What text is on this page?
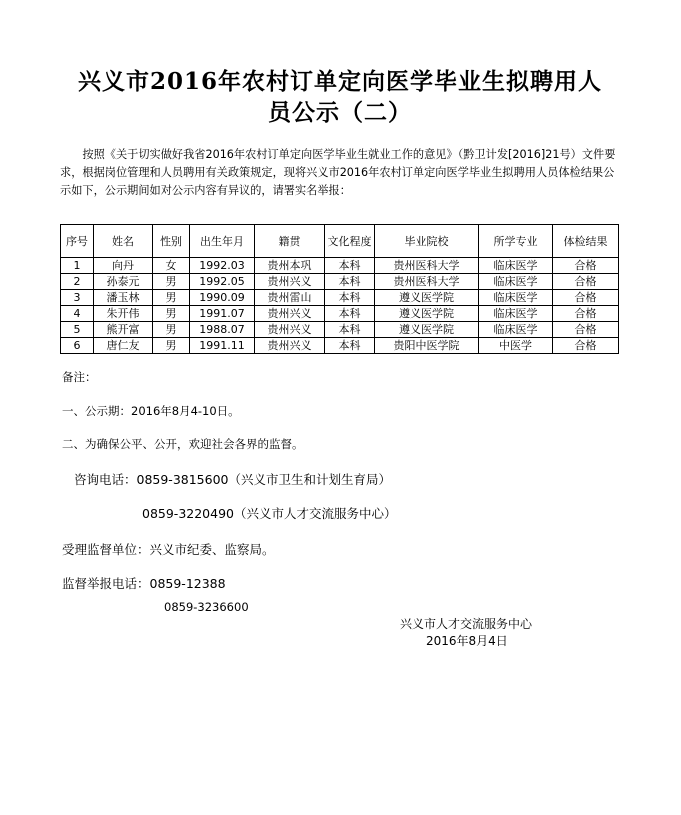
兴义市2016年农村订单定向医学毕业生拟聘用人
员公示（二）

按照《关于切实做好我省2016年农村订单定向医学毕业生就业工作的意见》（黔卫计发[2016]21号）文件要求，根据岗位管理和人员聘用有关政策规定，现将兴义市2016年农村订单定向医学毕业生拟聘用人员体检结果公示如下，公示期间如对公示内容有异议的，请署实名举报：

序号	姓名	性别	出生年月	籍贯	文化程度	毕业院校	所学专业	体检结果
1	向丹	女	1992.03	贵州本巩	本科	贵州医科大学	临床医学	合格
2	孙泰元	男	1992.05	贵州兴义	本科	贵州医科大学	临床医学	合格
3	潘玉林	男	1990.09	贵州雷山	本科	遵义医学院	临床医学	合格
4	朱开伟	男	1991.07	贵州兴义	本科	遵义医学院	临床医学	合格
5	熊开富	男	1988.07	贵州兴义	本科	遵义医学院	临床医学	合格
6	唐仁友	男	1991.11	贵州兴义	本科	贵阳中医学院	中医学	合格

备注：

一、公示期：2016年8月4-10日。

二、为确保公平、公开，欢迎社会各界的监督。

咨询电话：0859-3815600（兴义市卫生和计划生育局）

0859-3220490（兴义市人才交流服务中心）

受理监督单位：兴义市纪委、监察局。

监督举报电话：0859-12388

0859-3236600

兴义市人才交流服务中心

2016年8月4日
